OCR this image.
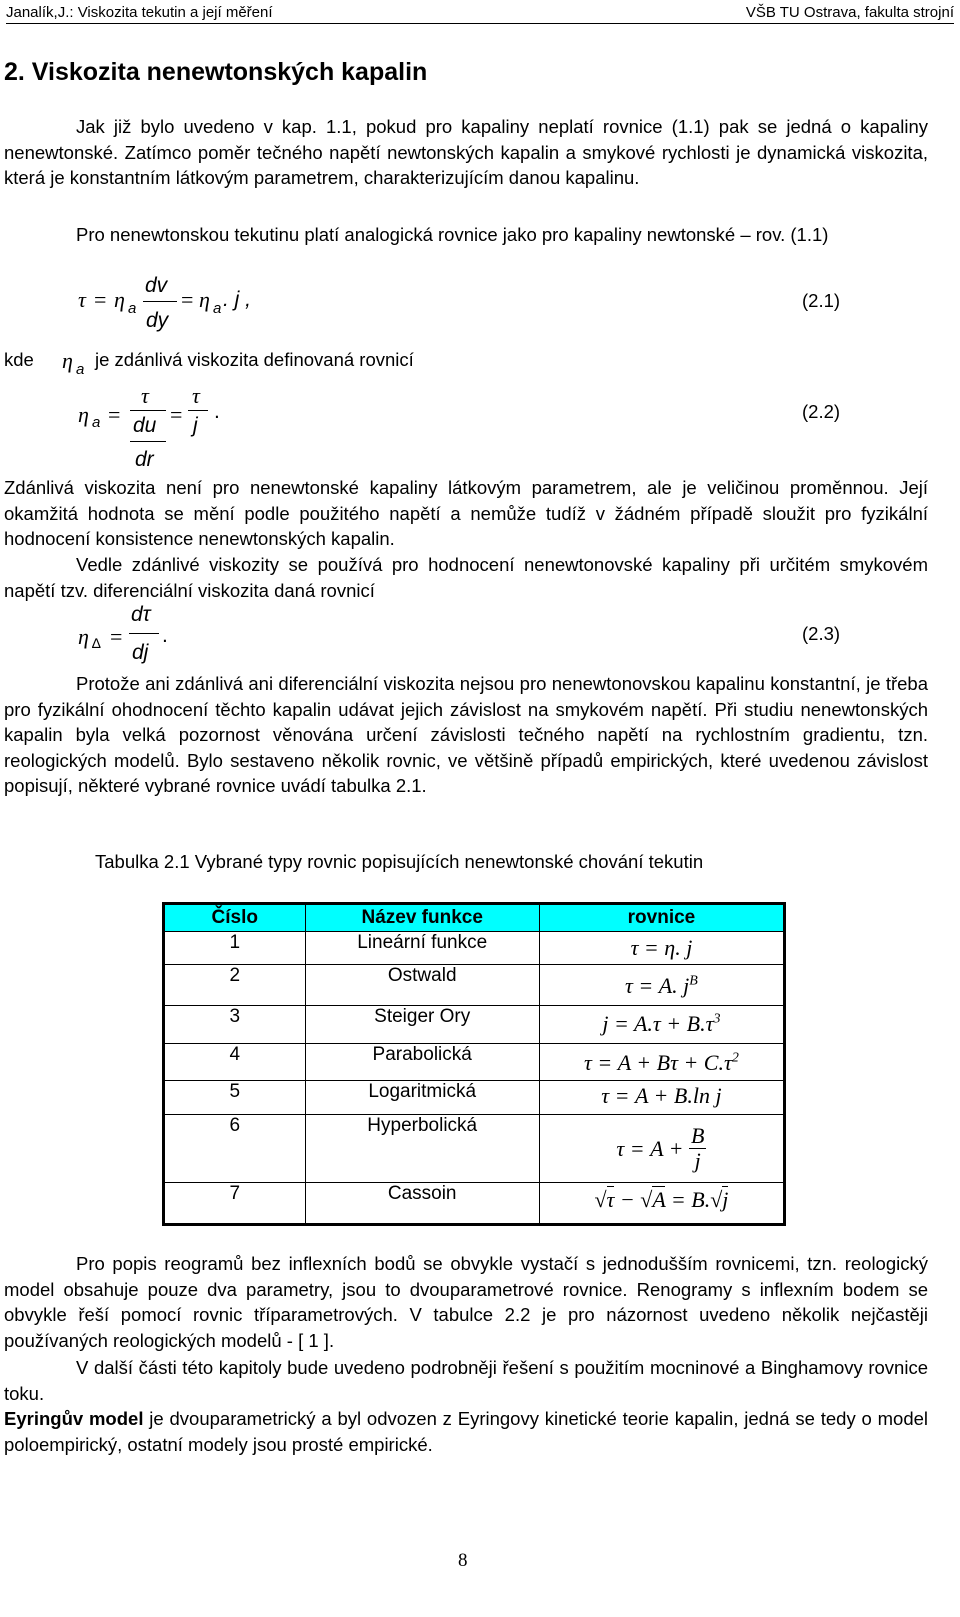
Janalík,J.: Viskozita tekutin a její měření	VŠB TU Ostrava, fakulta strojní
2. Viskozita nenewtonských kapalin

Jak již bylo uvedeno v kap. 1.1, pokud pro kapaliny neplatí rovnice (1.1) pak se jedná o kapaliny nenewtonské. Zatímco poměr tečného napětí newtonských kapalin a smykové rychlosti je dynamická viskozita, která je konstantním látkovým parametrem, charakterizujícím danou kapalinu.

Pro nenewtonskou tekutinu platí analogická rovnice jako pro kapaliny newtonské – rov. (1.1)

dv
dy
τ = η a = η a . j ,	(2.1)
kde η a je zdánlivá viskozita definovaná rovnicí
η a =
τ
du
dr
=
τ
j
.	(2.2)

Zdánlivá viskozita není pro nenewtonské kapaliny látkovým parametrem, ale je veličinou proměnnou. Její okamžitá hodnota se mění podle použitého napětí a nemůže tudíž v žádném případě sloužit pro fyzikální hodnocení konsistence nenewtonských kapalin.

Vedle zdánlivé viskozity se používá pro hodnocení nenewtonovské kapaliny při určitém smykovém napětí tzv. diferenciální viskozita daná rovnicí

η ∆ =
dτ
dj
.	(2.3)

Protože ani zdánlivá ani diferenciální viskozita nejsou pro nenewtonovskou kapalinu konstantní, je třeba pro fyzikální ohodnocení těchto kapalin udávat jejich závislost na smykovém napětí. Při studiu nenewtonských kapalin byla velká pozornost věnována určení závislosti tečného napětí na rychlostním gradientu, tzn. reologických modelů. Bylo sestaveno několik rovnic, ve většině případů empirických, které uvedenou závislost popisují, některé vybrané rovnice uvádí tabulka 2.1.

Tabulka 2.1 Vybrané typy rovnic popisujících nenewtonské chování tekutin
Číslo	Název funkce	rovnice
1	Lineární funkce	τ = η. j
2	Ostwald	τ = A. $j^B$
3	Steiger Ory	$j = A.\tau + B.\tau^3$
4	Parabolická	$\tau = A + B\tau + C.\tau^2$
5	Logaritmická	τ = A + B.ln j
6	Hyperbolická	$\tau = A + \frac{B}{j}$

7	Cassoin	√τ − √A = B.√j

Pro popis reogramů bez inflexních bodů se obvykle vystačí s jednodušším rovnicemi, tzn. reologický model obsahuje pouze dva parametry, jsou to dvouparametrové rovnice. Renogramy s inflexním bodem se obvykle řeší pomocí rovnic tříparametrových. V tabulce 2.2 je pro názornost uvedeno několik nejčastěji používaných reologických modelů - [ 1 ].

V další části této kapitoly bude uvedeno podrobněji řešení s použitím mocninové a Binghamovy rovnice toku.

Eyringův model je dvouparametrický a byl odvozen z Eyringovy kinetické teorie kapalin, jedná se tedy o model poloempirický, ostatní modely jsou prosté empirické.

8
